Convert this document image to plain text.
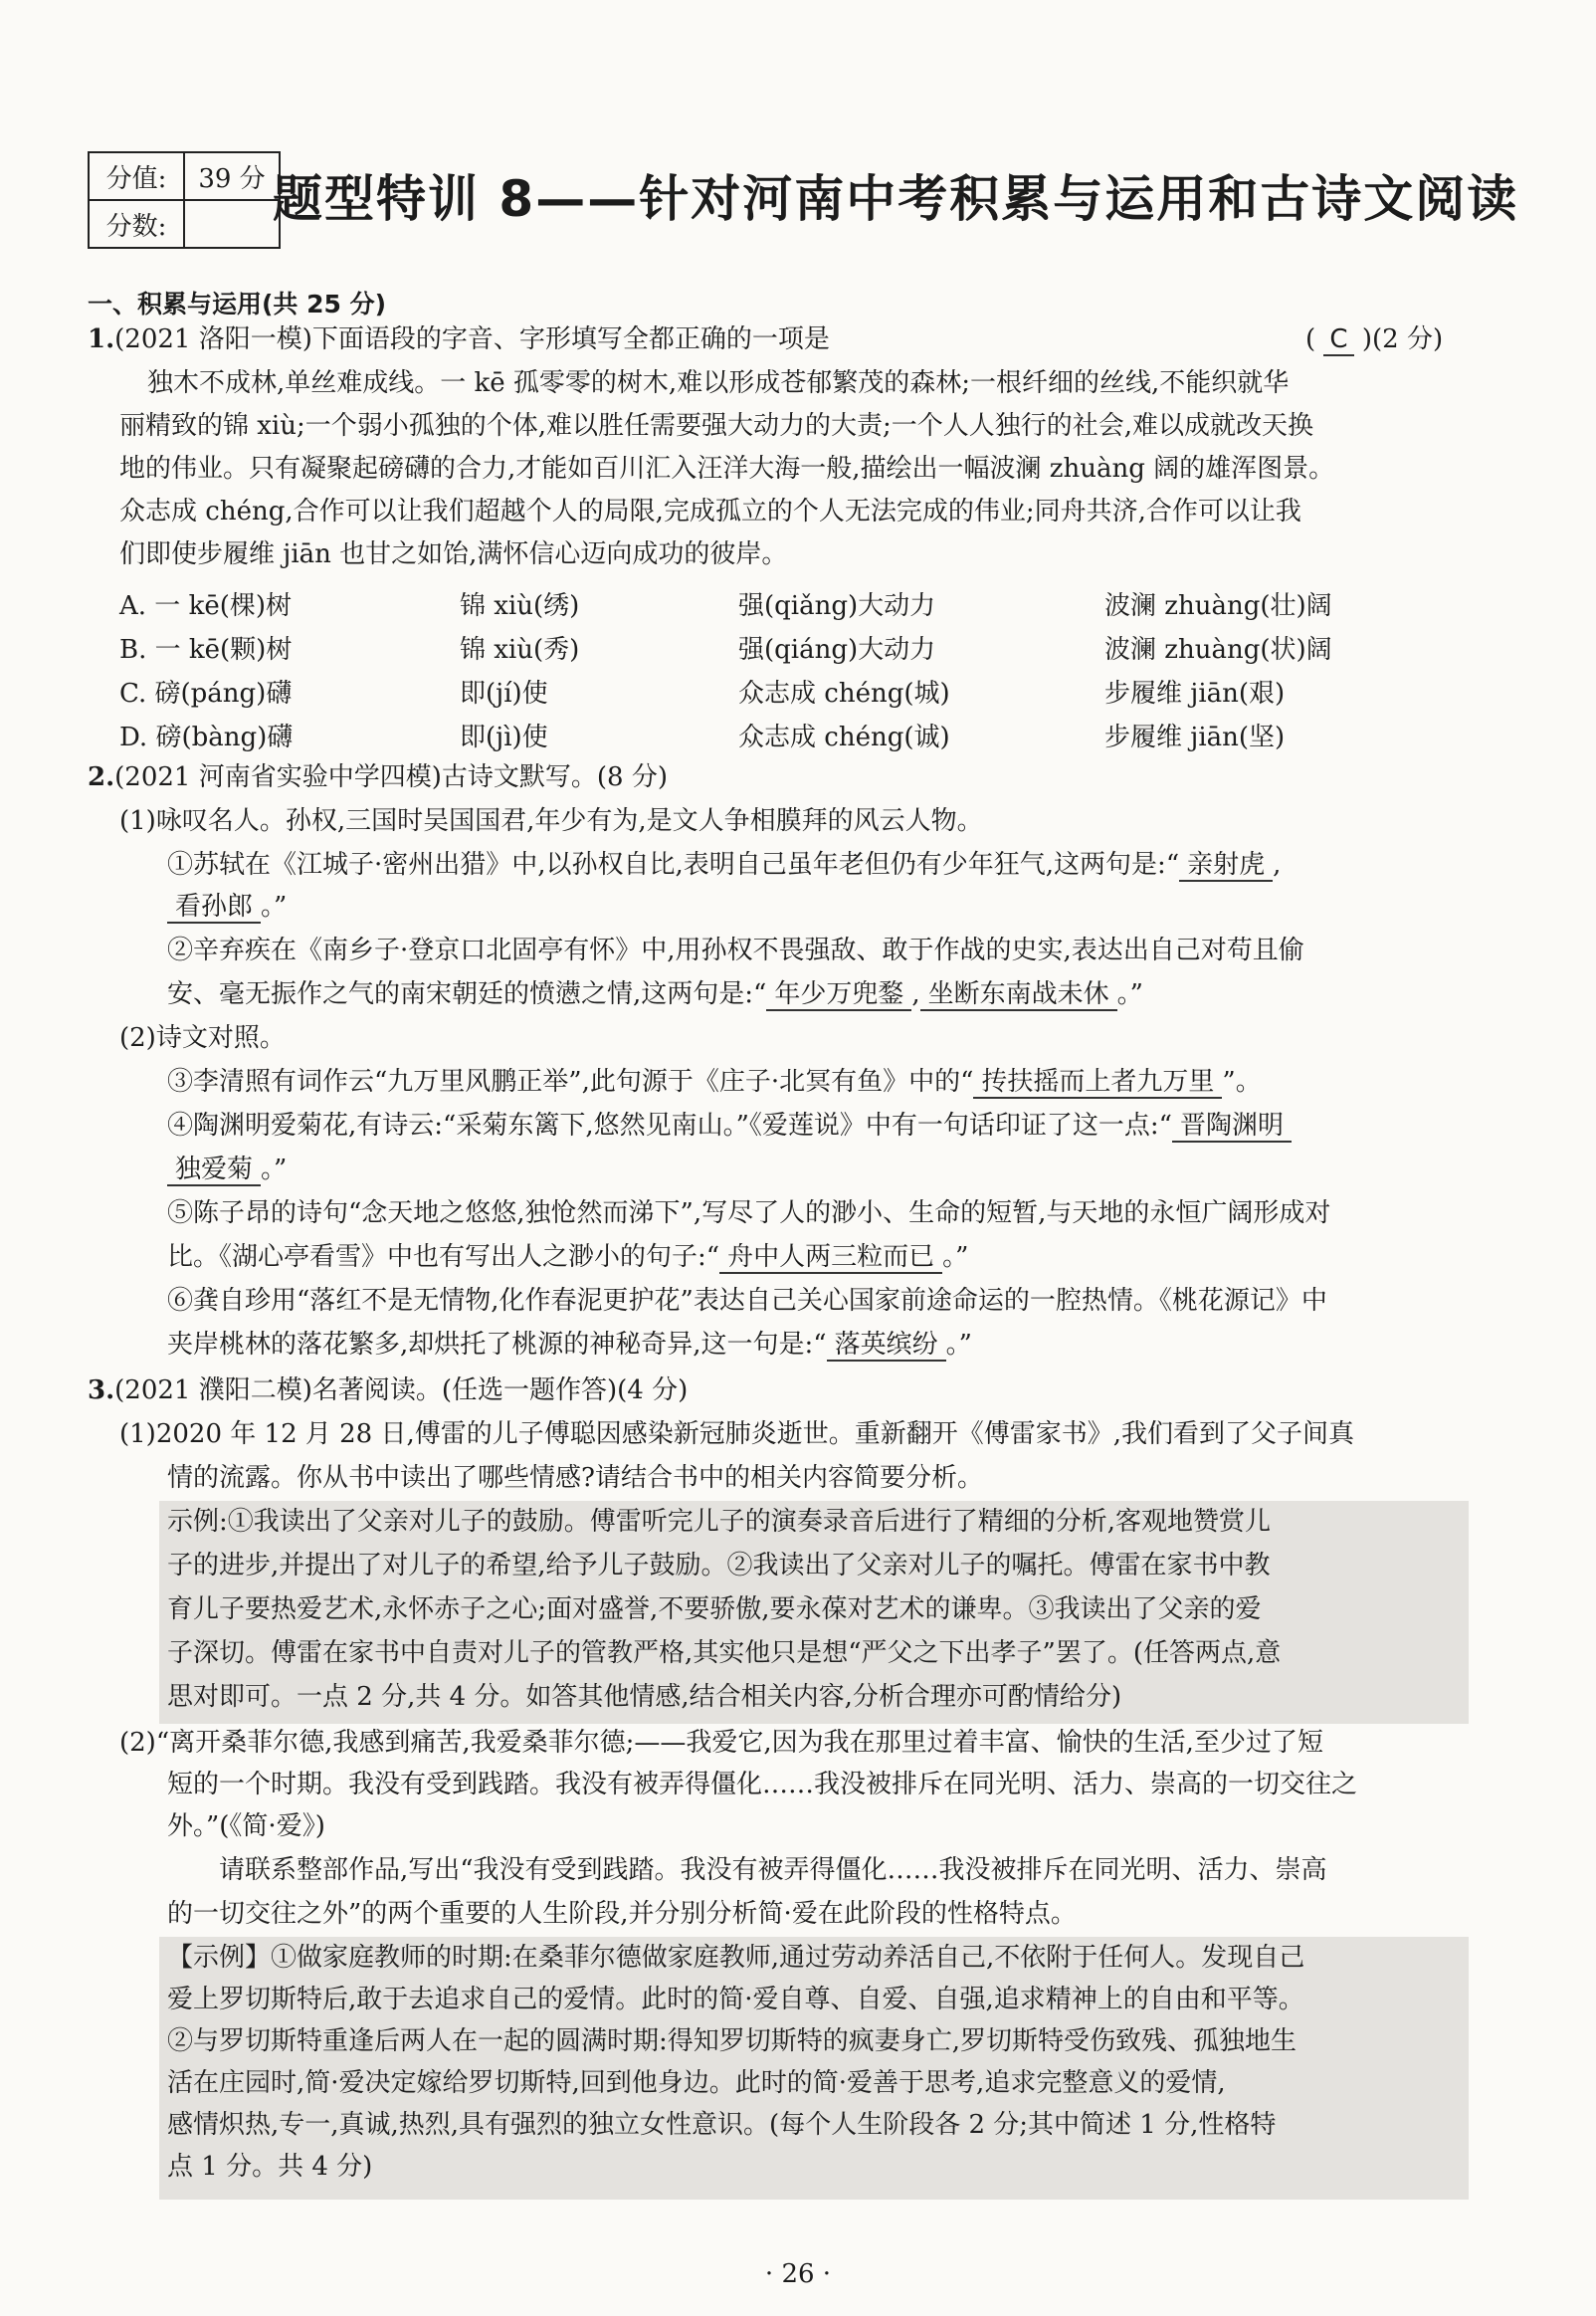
分值:	39 分
分数:	题型特训 8——针对河南中考积累与运用和古诗文阅读
一、积累与运用(共 25 分)
1.(2021 洛阳一模)下面语段的字音、字形填写全都正确的一项是	( C )(2 分)
独木不成林,单丝难成线。一 kē 孤零零的树木,难以形成苍郁繁茂的森林;一根纤细的丝线,不能织就华
丽精致的锦 xiù;一个弱小孤独的个体,难以胜任需要强大动力的大责;一个人人独行的社会,难以成就改天换
地的伟业。只有凝聚起磅礴的合力,才能如百川汇入汪洋大海一般,描绘出一幅波澜 zhuàng 阔的雄浑图景。
众志成 chéng,合作可以让我们超越个人的局限,完成孤立的个人无法完成的伟业;同舟共济,合作可以让我
们即使步履维 jiān 也甘之如饴,满怀信心迈向成功的彼岸。
A. 一 kē(棵)树	锦 xiù(绣)	强(qiǎng)大动力	波澜 zhuàng(壮)阔
B. 一 kē(颗)树	锦 xiù(秀)	强(qiáng)大动力	波澜 zhuàng(状)阔
C. 磅(páng)礴	即(jí)使	众志成 chéng(城)	步履维 jiān(艰)
D. 磅(bàng)礴	即(jì)使	众志成 chéng(诚)	步履维 jiān(坚)
2.(2021 河南省实验中学四模)古诗文默写。(8 分)
(1)咏叹名人。孙权,三国时吴国国君,年少有为,是文人争相膜拜的风云人物。
①苏轼在《江城子·密州出猎》中,以孙权自比,表明自己虽年老但仍有少年狂气,这两句是:“ 亲射虎 ,
看孙郎 。”
②辛弃疾在《南乡子·登京口北固亭有怀》中,用孙权不畏强敌、敢于作战的史实,表达出自己对苟且偷
安、毫无振作之气的南宋朝廷的愤懑之情,这两句是:“ 年少万兜鍪 , 坐断东南战未休 。”
(2)诗文对照。
③李清照有词作云“九万里风鹏正举”,此句源于《庄子·北冥有鱼》中的“ 抟扶摇而上者九万里 ”。
④陶渊明爱菊花,有诗云:“采菊东篱下,悠然见南山。”《爱莲说》中有一句话印证了这一点:“ 晋陶渊明
独爱菊 。”
⑤陈子昂的诗句“念天地之悠悠,独怆然而涕下”,写尽了人的渺小、生命的短暂,与天地的永恒广阔形成对
比。《湖心亭看雪》中也有写出人之渺小的句子:“ 舟中人两三粒而已 。”
⑥龚自珍用“落红不是无情物,化作春泥更护花”表达自己关心国家前途命运的一腔热情。《桃花源记》中
夹岸桃林的落花繁多,却烘托了桃源的神秘奇异,这一句是:“ 落英缤纷 。”
3.(2021 濮阳二模)名著阅读。(任选一题作答)(4 分)
(1)2020 年 12 月 28 日,傅雷的儿子傅聪因感染新冠肺炎逝世。重新翻开《傅雷家书》,我们看到了父子间真
情的流露。你从书中读出了哪些情感?请结合书中的相关内容简要分析。
示例:①我读出了父亲对儿子的鼓励。傅雷听完儿子的演奏录音后进行了精细的分析,客观地赞赏儿
子的进步,并提出了对儿子的希望,给予儿子鼓励。②我读出了父亲对儿子的嘱托。傅雷在家书中教
育儿子要热爱艺术,永怀赤子之心;面对盛誉,不要骄傲,要永葆对艺术的谦卑。③我读出了父亲的爱
子深切。傅雷在家书中自责对儿子的管教严格,其实他只是想“严父之下出孝子”罢了。(任答两点,意
思对即可。一点 2 分,共 4 分。如答其他情感,结合相关内容,分析合理亦可酌情给分)
(2)“离开桑菲尔德,我感到痛苦,我爱桑菲尔德;——我爱它,因为我在那里过着丰富、愉快的生活,至少过了短
短的一个时期。我没有受到践踏。我没有被弄得僵化……我没被排斥在同光明、活力、崇高的一切交往之
外。”(《简·爱》)
请联系整部作品,写出“我没有受到践踏。我没有被弄得僵化……我没被排斥在同光明、活力、崇高
的一切交往之外”的两个重要的人生阶段,并分别分析简·爱在此阶段的性格特点。
【示例】①做家庭教师的时期:在桑菲尔德做家庭教师,通过劳动养活自己,不依附于任何人。发现自己
爱上罗切斯特后,敢于去追求自己的爱情。此时的简·爱自尊、自爱、自强,追求精神上的自由和平等。
②与罗切斯特重逢后两人在一起的圆满时期:得知罗切斯特的疯妻身亡,罗切斯特受伤致残、孤独地生
活在庄园时,简·爱决定嫁给罗切斯特,回到他身边。此时的简·爱善于思考,追求完整意义的爱情,
感情炽热,专一,真诚,热烈,具有强烈的独立女性意识。(每个人生阶段各 2 分;其中简述 1 分,性格特
点 1 分。共 4 分)
· 26 ·
